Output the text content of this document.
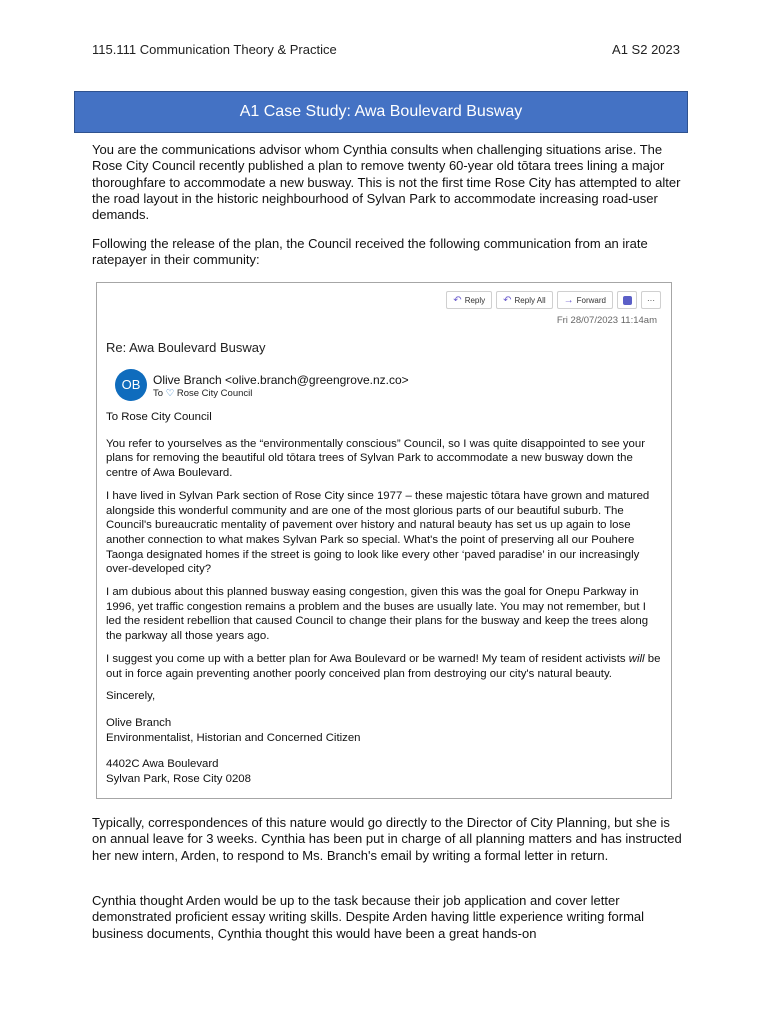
115.111 Communication Theory & Practice	A1 S2 2023
A1 Case Study: Awa Boulevard Busway

You are the communications advisor whom Cynthia consults when challenging situations arise. The Rose City Council recently published a plan to remove twenty 60-year old tōtara trees lining a major thoroughfare to accommodate a new busway. This is not the first time Rose City has attempted to alter the road layout in the historic neighbourhood of Sylvan Park to accommodate increasing road-user demands.

Following the release of the plan, the Council received the following communication from an irate ratepayer in their community:

↶ Reply ↶ Reply All → Forward	···
Fri 28/07/2023 11:14am
Re: Awa Boulevard Busway
OB	Olive Branch <olive.branch@greengrove.nz.co>
To ♡ Rose City Council

To Rose City Council

You refer to yourselves as the “environmentally conscious” Council, so I was quite disappointed to see your plans for removing the beautiful old tōtara trees of Sylvan Park to accommodate a new busway down the centre of Awa Boulevard.

I have lived in Sylvan Park section of Rose City since 1977 – these majestic tōtara have grown and matured alongside this wonderful community and are one of the most glorious parts of our beautiful suburb. The Council's bureaucratic mentality of pavement over history and natural beauty has set us up again to lose another connection to what makes Sylvan Park so special. What's the point of preserving all our Pouhere Taonga designated homes if the street is going to look like every other ‘paved paradise’ in our increasingly over-developed city?

I am dubious about this planned busway easing congestion, given this was the goal for Onepu Parkway in 1996, yet traffic congestion remains a problem and the buses are usually late. You may not remember, but I led the resident rebellion that caused Council to change their plans for the busway and keep the trees along the parkway all those years ago.

I suggest you come up with a better plan for Awa Boulevard or be warned! My team of resident activists will be out in force again preventing another poorly conceived plan from destroying our city's natural beauty.

Sincerely,

Olive Branch

Environmentalist, Historian and Concerned Citizen

4402C Awa Boulevard

Sylvan Park, Rose City 0208

Typically, correspondences of this nature would go directly to the Director of City Planning, but she is on annual leave for 3 weeks. Cynthia has been put in charge of all planning matters and has instructed her new intern, Arden, to respond to Ms. Branch's email by writing a formal letter in return.

Cynthia thought Arden would be up to the task because their job application and cover letter demonstrated proficient essay writing skills. Despite Arden having little experience writing formal business documents, Cynthia thought this would have been a great hands-on
